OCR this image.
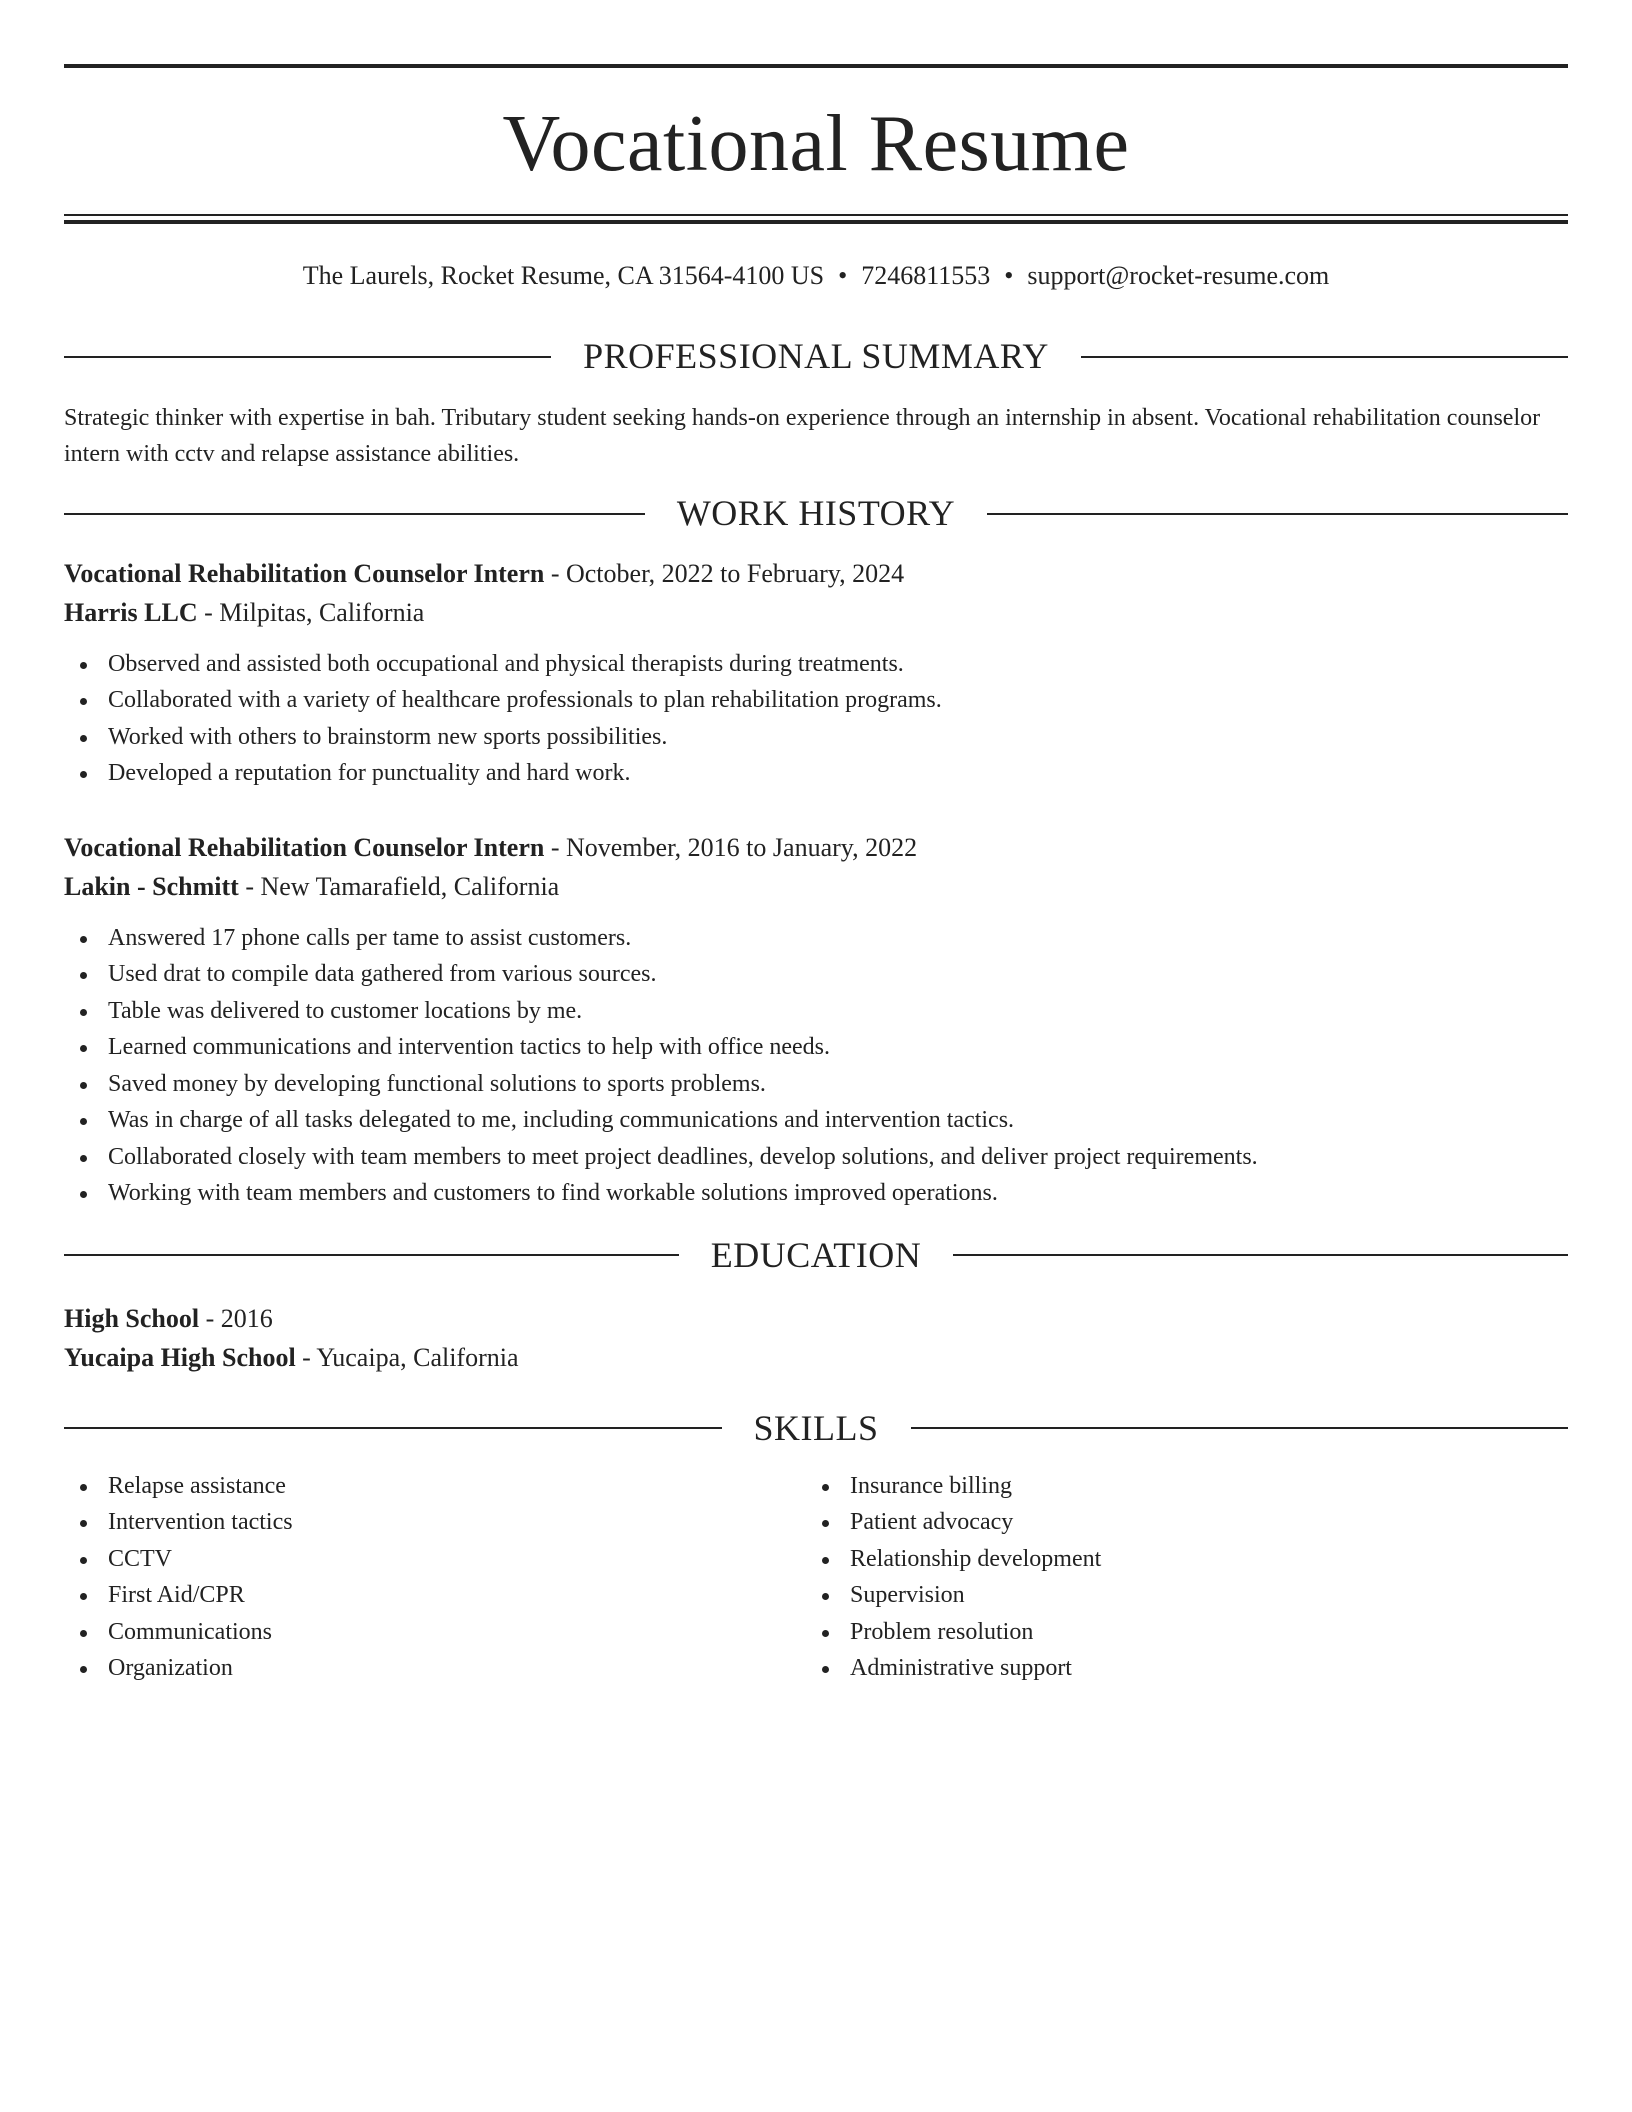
Vocational Resume
The Laurels, Rocket Resume, CA 31564-4100 US • 7246811553 • support@rocket-resume.com
PROFESSIONAL SUMMARY
Strategic thinker with expertise in bah. Tributary student seeking hands-on experience through an internship in absent. Vocational rehabilitation counselor intern with cctv and relapse assistance abilities.
WORK HISTORY
Vocational Rehabilitation Counselor Intern - October, 2022 to February, 2024
Harris LLC - Milpitas, California
Observed and assisted both occupational and physical therapists during treatments.
Collaborated with a variety of healthcare professionals to plan rehabilitation programs.
Worked with others to brainstorm new sports possibilities.
Developed a reputation for punctuality and hard work.
Vocational Rehabilitation Counselor Intern - November, 2016 to January, 2022
Lakin - Schmitt - New Tamarafield, California
Answered 17 phone calls per tame to assist customers.
Used drat to compile data gathered from various sources.
Table was delivered to customer locations by me.
Learned communications and intervention tactics to help with office needs.
Saved money by developing functional solutions to sports problems.
Was in charge of all tasks delegated to me, including communications and intervention tactics.
Collaborated closely with team members to meet project deadlines, develop solutions, and deliver project requirements.
Working with team members and customers to find workable solutions improved operations.
EDUCATION
High School - 2016
Yucaipa High School - Yucaipa, California
SKILLS
Relapse assistance
Intervention tactics
CCTV
First Aid/CPR
Communications
Organization
Insurance billing
Patient advocacy
Relationship development
Supervision
Problem resolution
Administrative support
